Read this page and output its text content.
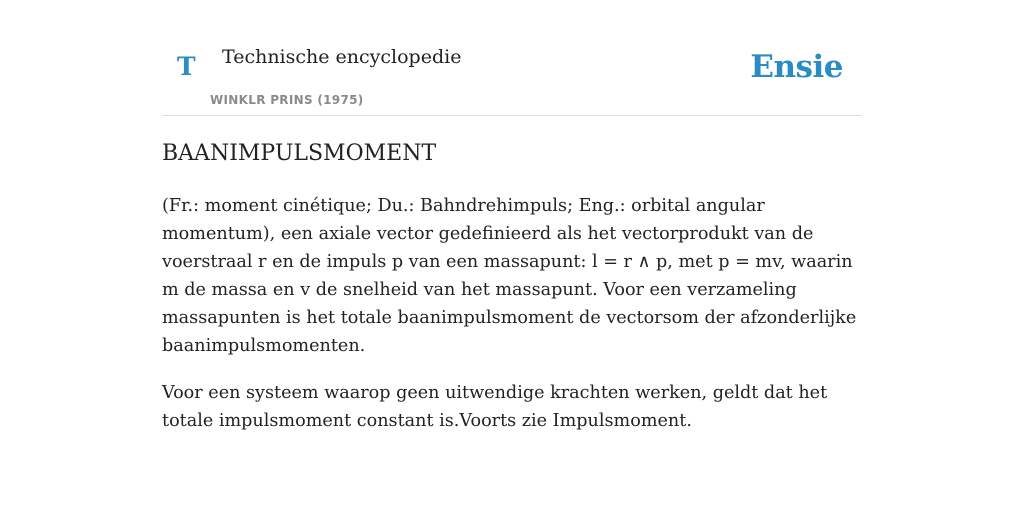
T Technische encyclopedie
WINKLR PRINS (1975)
Ensie
BAANIMPULSMOMENT

(Fr.: moment cinétique; Du.: Bahndrehimpuls; Eng.: orbital angular momentum), een axiale vector gedefinieerd als het vectorprodukt van de voerstraal r en de impuls p van een massapunt: l = r ∧ p, met p = mv, waarin m de massa en v de snelheid van het massapunt. Voor een verzameling massapunten is het totale baanimpulsmoment de vectorsom der afzonderlijke baanimpulsmomenten.

Voor een systeem waarop geen uitwendige krachten werken, geldt dat het totale impulsmoment constant is.Voorts zie Impulsmoment.
